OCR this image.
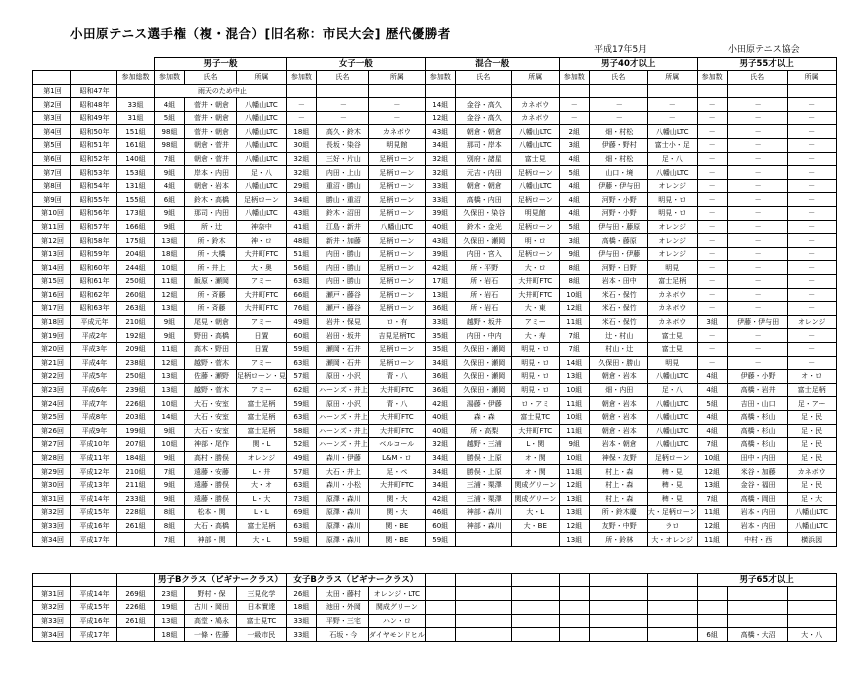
小田原テニス選手権（複・混合）[旧名称：市民大会] 歴代優勝者
平成17年5月	小田原テニス協会
			男子一般			女子一般			混合一般			男子40才以上			男子55才以上		
		参加総数	参加数	氏名	所属	参加数	氏名	所属	参加数	氏名	所属	参加数	氏名	所属	参加数	氏名	所属
第1回	昭和47年		雨天のため中止														
第2回	昭和48年	33組	4組	菅井・朝倉	八幡山LTC	－	－	－	14組	金谷・高久	カネボウ	－	－	－	－	－	－
第3回	昭和49年	31組	5組	菅井・朝倉	八幡山LTC	－	－	－	12組	金谷・高久	カネボウ	－	－	－	－	－	－
第4回	昭和50年	151組	98組	菅井・朝倉	八幡山LTC	18組	高久・鈴木	カネボウ	43組	朝倉・朝倉	八幡山LTC	2組	畑・村松	八幡山LTC	－	－	－
第5回	昭和51年	161組	98組	朝倉・菅井	八幡山LTC	30組	長坂・染谷	明見館	34組	那司・岸本	八幡山LTC	3組	伊藤・野村	富士小・足	－	－	－
第6回	昭和52年	140組	7組	朝倉・菅井	八幡山LTC	32組	三好・片山	足柄ローン	32組	別府・諸星	富士見	4組	畑・村松	足・八	－	－	－
第7回	昭和53年	153組	9組	岸本・内田	足・八	32組	内田・上山	足柄ローン	32組	元吉・内田	足柄ローン	5組	山口・境	八幡山LTC	－	－	－
第8回	昭和54年	131組	4組	朝倉・岩本	八幡山LTC	29組	重沼・勝山	足柄ローン	33組	朝倉・朝倉	八幡山LTC	4組	伊藤・伊与田	オレンジ	－	－	－
第9回	昭和55年	155組	6組	鈴木・高橋	足柄ローン	34組	勝山・重沼	足柄ローン	33組	高橋・内田	足柄ローン	4組	河野・小野	明見・ロ	－	－	－
第10回	昭和56年	173組	9組	那司・内田	八幡山LTC	43組	鈴木・沼田	足柄ローン	39組	久保田・染谷	明見館	4組	河野・小野	明見・ロ	－	－	－
第11回	昭和57年	166組	9組	所・辻	神奈中	41組	江島・新井	八幡山LTC	40組	鈴木・金光	足柄ローン	5組	伊与田・藤原	オレンジ	－	－	－
第12回	昭和58年	175組	13組	所・鈴木	神・ロ	48組	新井・加藤	足柄ローン	43組	久保田・瀬岡	明・ロ	3組	高橋・藤原	オレンジ	－	－	－
第13回	昭和59年	204組	18組	所・大橋	大井町FTC	51組	内田・勝山	足柄ローン	39組	内田・宮入	足柄ローン	9組	伊与田・伊藤	オレンジ	－	－	－
第14回	昭和60年	244組	10組	所・井上	大・奥	56組	内田・勝山	足柄ローン	42組	所・平野	大・ロ	8組	河野・日野	明見	－	－	－
第15回	昭和61年	250組	11組	飯原・瀬岡	アミー	63組	内田・勝山	足柄ローン	17組	所・岩石	大井町FTC	8組	岩本・田中	富士足柄	－	－	－
第16回	昭和62年	260組	12組	所・斉藤	大井町FTC	66組	瀬戸・藤谷	足柄ローン	13組	所・岩石	大井町FTC	10組	米石・保竹	カネボウ	－	－	－
第17回	昭和63年	263組	13組	所・斉藤	大井町FTC	76組	瀬戸・藤谷	足柄ローン	36組	所・岩石	大・東	12組	米石・保竹	カネボウ	－	－	－
第18回	平成元年	210組	9組	尾見・朝倉	アミー	49組	岩井・保見	ロ・有	33組	越野・坂井	アミー	11組	米石・保竹	カネボウ	3組	伊藤・伊与田	オレンジ
第19回	平成2年	192組	9組	野田・高橋	日置	60組	岩田・坂井	吉見足柄TC	35組	内田・中内	大・寿	7組	辻・村山	富士見	－	－	－
第20回	平成3年	209組	11組	高木・野田	日置	59組	瀬岡・石井	足柄ローン	35組	久保田・瀬岡	明見・ロ	7組	村山・辻	富士見	－	－	－
第21回	平成4年	238組	12組	越野・菅木	アミー	63組	瀬岡・石井	足柄ローン	34組	久保田・瀬岡	明見・ロ	14組	久保田・勝山	明見	－	－	－
第22回	平成5年	250組	13組	佐藤・瀬野	足柄ローン・見	57組	原田・小沢	青・八	36組	久保田・瀬岡	明見・ロ	13組	朝倉・岩本	八幡山LTC	4組	伊藤・小野	オ・ロ
第23回	平成6年	239組	13組	越野・菅木	アミー	62組	ハーンズ・井上	大井町FTC	36組	久保田・瀬岡	明見・ロ	10組	畑・内田	足・八	4組	高橋・岩井	富士足柄
第24回	平成7年	226組	10組	大石・安室	富士足柄	59組	原田・小沢	青・八	42組	湯藤・伊藤	ロ・アミ	11組	朝倉・岩本	八幡山LTC	5組	吉田・山口	足・アー
第25回	平成8年	203組	14組	大石・安室	富士足柄	63組	ハーンズ・井上	大井町FTC	40組	森・森	富士見TC	10組	朝倉・岩本	八幡山LTC	4組	高橋・杉山	足・民
第26回	平成9年	199組	9組	大石・安室	富士足柄	58組	ハーンズ・井上	大井町FTC	40組	所・高梨	大井町FTC	11組	朝倉・岩本	八幡山LTC	4組	高橋・杉山	足・民
第27回	平成10年	207組	10組	神部・尾作	関・L	52組	ハーンズ・井上	ベルコール	32組	越野・三浦	L・関	9組	岩本・朝倉	八幡山LTC	7組	高橋・杉山	足・民
第28回	平成11年	184組	9組	高村・勝俣	オレンジ	49組	森川・伊藤	L&M・ロ	34組	勝俣・上原	オ・関	10組	神保・友野	足柄ローン	10組	田中・内田	足・民
第29回	平成12年	210組	7組	遠藤・安藤	L・井	57組	大石・井上	足・ペ	34組	勝俣・上原	オ・関	11組	村上・森	稗・見	12組	米谷・加藤	カネボウ
第30回	平成13年	211組	9組	遠藤・勝俣	大・オ	63組	森川・小松	大井町FTC	34組	三浦・栗澤	関成グリーン	12組	村上・森	稗・見	13組	金谷・福田	足・民
第31回	平成14年	233組	9組	遠藤・勝俣	L・大	73組	原澤・森川	関・大	42組	三浦・栗澤	関成グリーン	13組	村上・森	稗・見	7組	高橋・岡田	足・大
第32回	平成15年	228組	8組	松本・関	L・L	69組	原澤・森川	関・大	46組	神部・森川	大・L	13組	所・鈴木慶	大・足柄ローン	11組	岩本・内田	八幡山LTC
第33回	平成16年	261組	8組	大石・高橋	富士足柄	63組	原澤・森川	関・BE	60組	神部・森川	大・BE	12組	友野・中野	ラロ	12組	岩本・内田	八幡山LTC
第34回	平成17年		7組	神部・関	大・L	59組	原澤・森川	関・BE	59組			13組	所・鈴林	大・オレンジ	11組	中村・西	横浜図

			男子Bクラス（ビギナークラス）			女子Bクラス（ビギナークラス）									男子65才以上		
第31回	平成14年	269組	23組	野村・保	三見化学	26組	太田・藤村	オレンジ・LTC									
第32回	平成15年	226組	19組	古川・岡田	日本實達	18組	池田・外岡	関成グリーン									
第33回	平成16年	261組	13組	高堂・鳩永	富士見TC	33組	平野・三宅	ハン・ロ									
第34回	平成17年		18組	一條・佐藤	一級市民	33組	石坂・今	ダイヤモンドヒル							6組	高橋・大沼	大・八
